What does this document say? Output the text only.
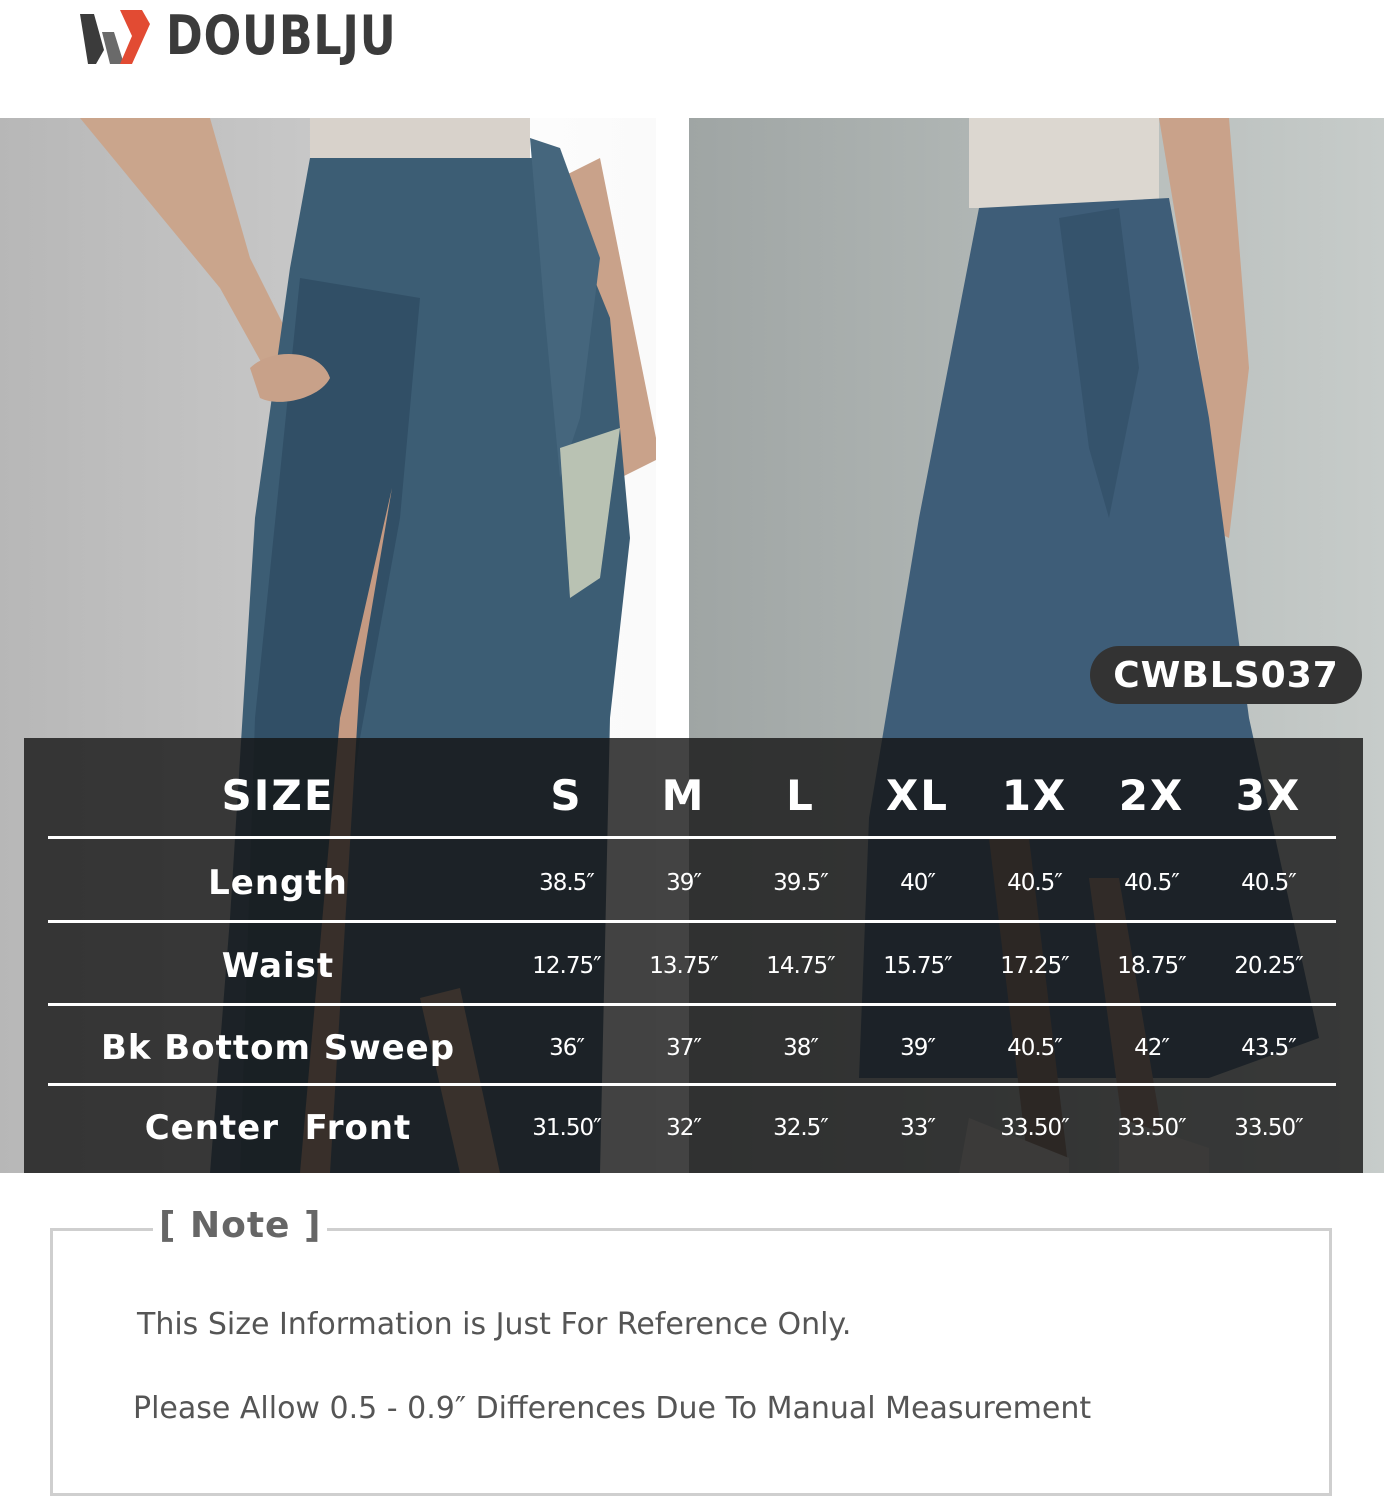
DOUBLJU
CWBLS037
SIZE	S	M	L	XL	1X	2X	3X
Length	38.5″	39″	39.5″	40″	40.5″	40.5″	40.5″
Waist	12.75″	13.75″	14.75″	15.75″	17.25″	18.75″	20.25″
Bk Bottom Sweep	36″	37″	38″	39″	40.5″	42″	43.5″
Center  Front	31.50″	32″	32.5″	33″	33.50″	33.50″	33.50″
[ Note ]
This Size Information is Just For Reference Only.
Please Allow 0.5 - 0.9″ Differences Due To Manual Measurement
